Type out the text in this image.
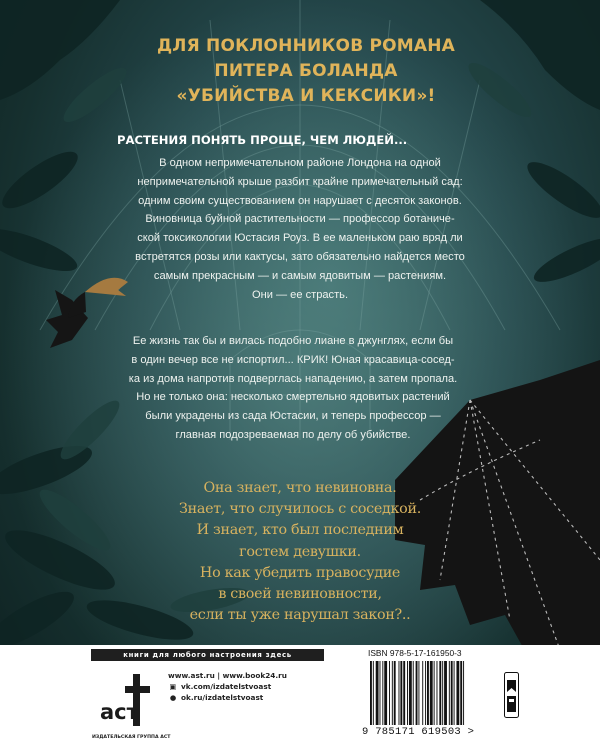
ДЛЯ ПОКЛОННИКОВ РОМАНА
ПИТЕРА БОЛАНДА
«УБИЙСТВА И КЕКСИКИ»!

РАСТЕНИЯ ПОНЯТЬ ПРОЩЕ, ЧЕМ ЛЮДЕЙ...

В одном непримечательном районе Лондона на одной
непримечательной крыше разбит крайне примечательный сад:
одним своим существованием он нарушает с десяток законов.
Виновница буйной растительности — профессор ботаниче-
ской токсикологии Юстасия Роуз. В ее маленьком раю вряд ли
встретятся розы или кактусы, зато обязательно найдется место
самым прекрасным — и самым ядовитым — растениям.
Они — ее страсть.

Ее жизнь так бы и вилась подобно лиане в джунглях, если бы
в один вечер все не испортил... КРИК! Юная красавица-сосед-
ка из дома напротив подверглась нападению, а затем пропала.
Но не только она: несколько смертельно ядовитых растений
были украдены из сада Юстасии, и теперь профессор —
главная подозреваемая по делу об убийстве.

Она знает, что невиновна.
Знает, что случилось с соседкой.
И знает, кто был последним
гостем девушки.
Но как убедить правосудие
в своей невиновности,
если ты уже нарушал закон?..

книги для любого настроения здесь
аст
ИЗДАТЕЛЬСКАЯ ГРУППА АСТ
www.ast.ru | www.book24.ru
▣ vk.com/izdatelstvoast
● ok.ru/izdatelstvoast
ISBN 978-5-17-161950-3
9 785171 619503 >
